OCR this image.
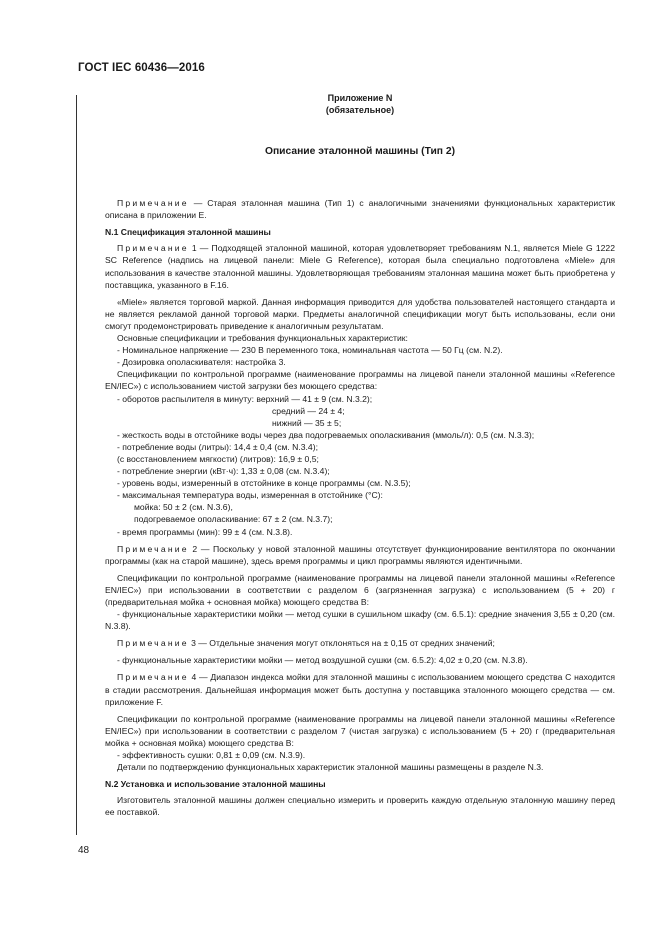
ГОСТ IEC 60436—2016
Приложение N
(обязательное)
Описание эталонной машины (Тип 2)

Примечание — Старая эталонная машина (Тип 1) с аналогичными значениями функциональных характеристик описана в приложении Е.

N.1 Спецификация эталонной машины

Примечание 1 — Подходящей эталонной машиной, которая удовлетворяет требованиям N.1, является Miele G 1222 SC Reference (надпись на лицевой панели: Miele G Reference), которая была специально подготовлена «Miele» для использования в качестве эталонной машины. Удовлетворяющая требованиям эталонная машина может быть приобретена у поставщика, указанного в F.16.

«Miele» является торговой маркой. Данная информация приводится для удобства пользователей настоящего стандарта и не является рекламой данной торговой марки. Предметы аналогичной спецификации могут быть использованы, если они смогут продемонстрировать приведение к аналогичным результатам.

Основные спецификации и требования функциональных характеристик:

- Номинальное напряжение — 230 В переменного тока, номинальная частота — 50 Гц (см. N.2).

- Дозировка ополаскивателя: настройка 3.

Спецификации по контрольной программе (наименование программы на лицевой панели эталонной машины «Reference EN/IEC») с использованием чистой загрузки без моющего средства:

- оборотов распылителя в минуту: верхний — 41 ± 9 (см. N.3.2);

средний — 24 ± 4;

нижний — 35 ± 5;

- жесткость воды в отстойнике воды через два подогреваемых ополаскивания (ммоль/л): 0,5 (см. N.3.3);

- потребление воды (литры): 14,4 ± 0,4 (см. N.3.4);

(с восстановлением мягкости) (литров): 16,9 ± 0,5;

- потребление энергии (кВт·ч): 1,33 ± 0,08 (см. N.3.4);

- уровень воды, измеренный в отстойнике в конце программы (см. N.3.5);

- максимальная температура воды, измеренная в отстойнике (°С):

мойка: 50 ± 2 (см. N.3.6),

подогреваемое ополаскивание: 67 ± 2 (см. N.3.7);

- время программы (мин): 99 ± 4 (см. N.3.8).

Примечание 2 — Поскольку у новой эталонной машины отсутствует функционирование вентилятора по окончании программы (как на старой машине), здесь время программы и цикл программы являются идентичными.

Спецификации по контрольной программе (наименование программы на лицевой панели эталонной машины «Reference EN/IEC») при использовании в соответствии с разделом 6 (загрязненная загрузка) с использованием (5 + 20) г (предварительная мойка + основная мойка) моющего средства В:

- функциональные характеристики мойки — метод сушки в сушильном шкафу (см. 6.5.1): средние значения 3,55 ± 0,20 (см. N.3.8).

Примечание 3 — Отдельные значения могут отклоняться на ± 0,15 от средних значений;

- функциональные характеристики мойки — метод воздушной сушки (см. 6.5.2): 4,02 ± 0,20 (см. N.3.8).

Примечание 4 — Диапазон индекса мойки для эталонной машины с использованием моющего средства С находится в стадии рассмотрения. Дальнейшая информация может быть доступна у поставщика эталонного моющего средства — см. приложение F.

Спецификации по контрольной программе (наименование программы на лицевой панели эталонной машины «Reference EN/IEC») при использовании в соответствии с разделом 7 (чистая загрузка) с использованием (5 + 20) г (предварительная мойка + основная мойка) моющего средства В:

- эффективность сушки: 0,81 ± 0,09 (см. N.3.9).

Детали по подтверждению функциональных характеристик эталонной машины размещены в разделе N.3.

N.2 Установка и использование эталонной машины

Изготовитель эталонной машины должен специально измерить и проверить каждую отдельную эталонную машину перед ее поставкой.

48
